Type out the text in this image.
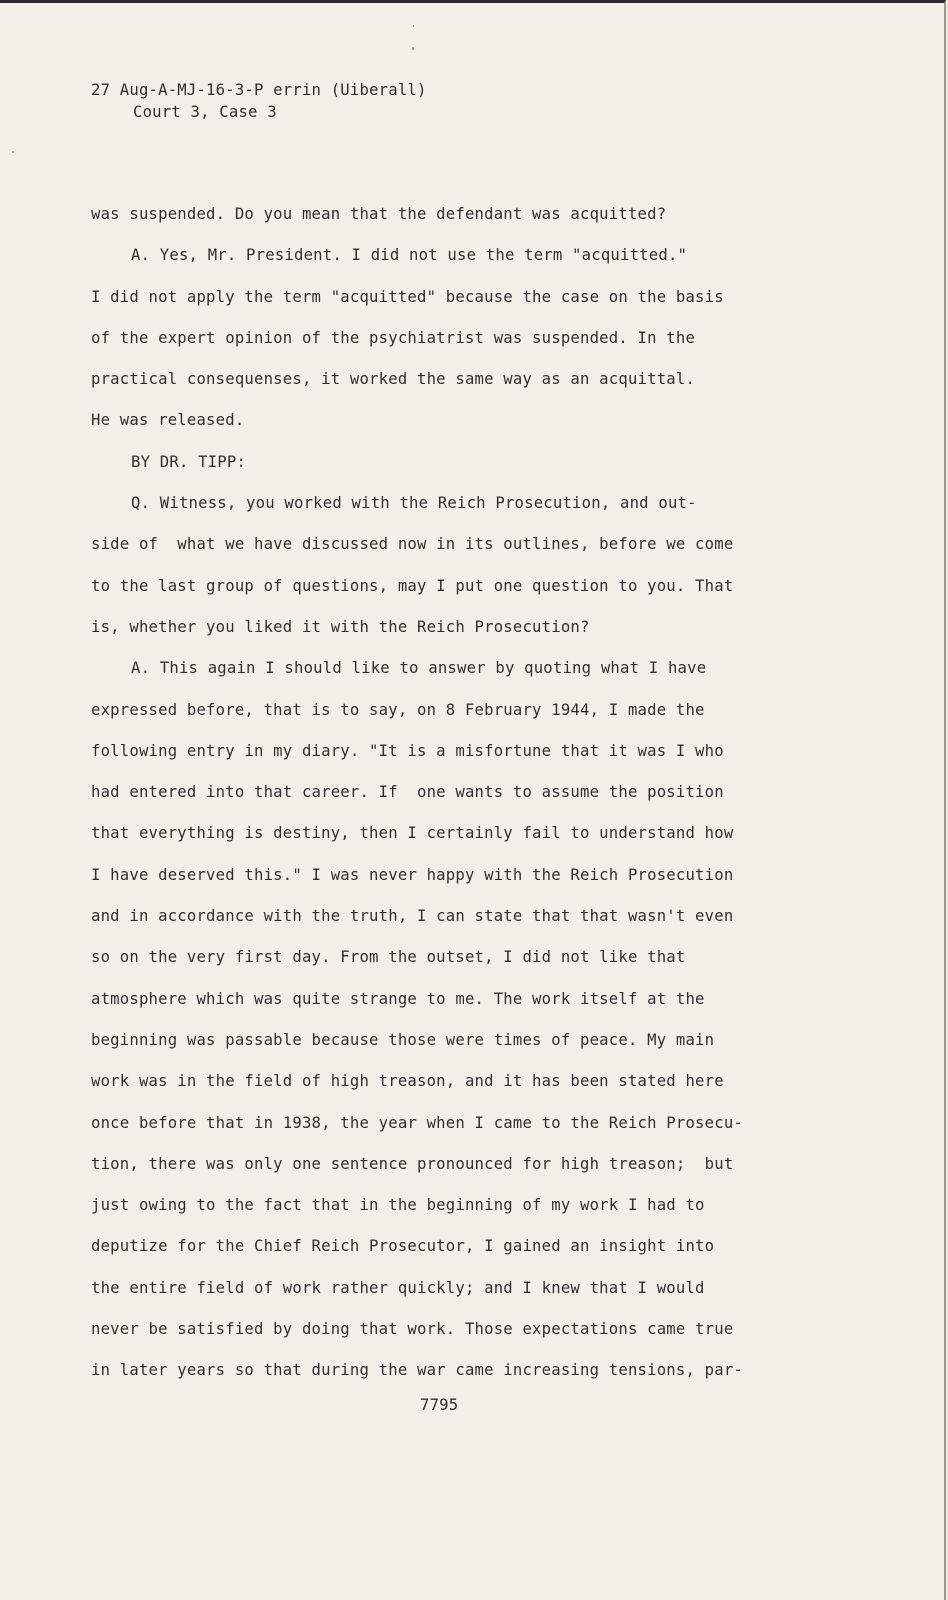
27 Aug-A-MJ-16-3-P errin (Uiberall)
Court 3, Case 3
was suspended. Do you mean that the defendant was acquitted?
A. Yes, Mr. President. I did not use the term "acquitted."
I did not apply the term "acquitted" because the case on the basis
of the expert opinion of the psychiatrist was suspended. In the
practical consequenses, it worked the same way as an acquittal.
He was released.
BY DR. TIPP:
Q. Witness, you worked with the Reich Prosecution, and out-
side of  what we have discussed now in its outlines, before we come
to the last group of questions, may I put one question to you. That
is, whether you liked it with the Reich Prosecution?
A. This again I should like to answer by quoting what I have
expressed before, that is to say, on 8 February 1944, I made the
following entry in my diary. "It is a misfortune that it was I who
had entered into that career. If  one wants to assume the position
that everything is destiny, then I certainly fail to understand how
I have deserved this." I was never happy with the Reich Prosecution
and in accordance with the truth, I can state that that wasn't even
so on the very first day. From the outset, I did not like that
atmosphere which was quite strange to me. The work itself at the
beginning was passable because those were times of peace. My main
work was in the field of high treason, and it has been stated here
once before that in 1938, the year when I came to the Reich Prosecu-
tion, there was only one sentence pronounced for high treason;  but
just owing to the fact that in the beginning of my work I had to
deputize for the Chief Reich Prosecutor, I gained an insight into
the entire field of work rather quickly; and I knew that I would
never be satisfied by doing that work. Those expectations came true
in later years so that during the war came increasing tensions, par-
7795
